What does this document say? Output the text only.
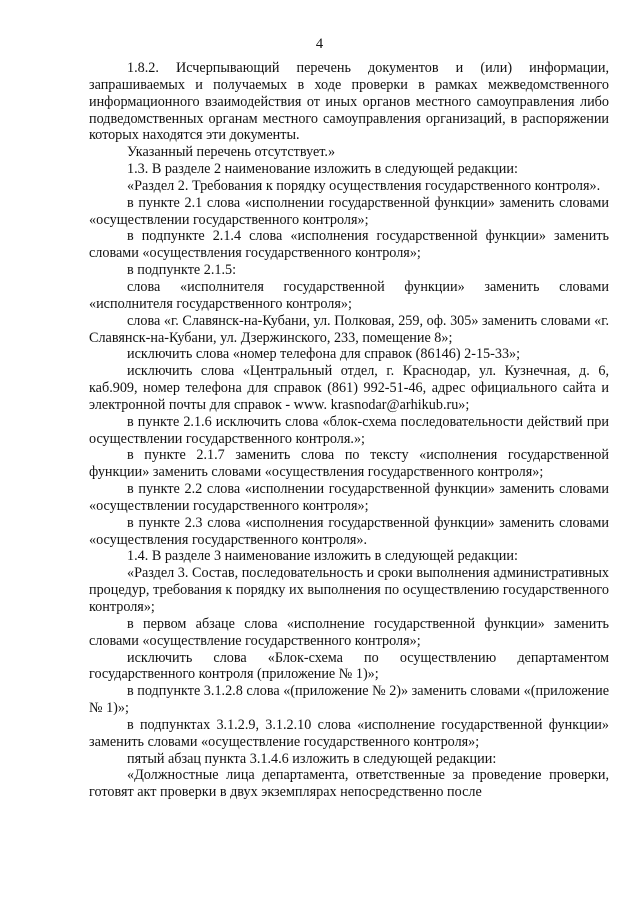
4

1.8.2. Исчерпывающий перечень документов и (или) информации, запрашиваемых и получаемых в ходе проверки в рамках межведомственного информационного взаимодействия от иных органов местного самоуправления либо подведомственных органам местного самоуправления организаций, в распоряжении которых находятся эти документы.

Указанный перечень отсутствует.»

1.3. В разделе 2 наименование изложить в следующей редакции:

«Раздел 2. Требования к порядку осуществления государственного контроля».

в пункте 2.1 слова «исполнении государственной функции» заменить словами «осуществлении государственного контроля»;

в подпункте 2.1.4 слова «исполнения государственной функции» заменить словами «осуществления государственного контроля»;

в подпункте 2.1.5:

слова «исполнителя государственной функции» заменить словами «исполнителя государственного контроля»;

слова «г. Славянск-на-Кубани, ул. Полковая, 259, оф. 305» заменить словами «г. Славянск-на-Кубани, ул. Дзержинского, 233, помещение 8»;

исключить слова «номер телефона для справок (86146) 2-15-33»;

исключить слова «Центральный отдел, г. Краснодар, ул. Кузнечная, д. 6, каб.909, номер телефона для справок (861) 992-51-46, адрес официального сайта и электронной почты для справок - www. krasnodar@arhikub.ru»;

в пункте 2.1.6 исключить слова «блок-схема последовательности действий при осуществлении государственного контроля.»;

в пункте 2.1.7 заменить слова по тексту «исполнения государственной функции» заменить словами «осуществления государственного контроля»;

в пункте 2.2 слова «исполнении государственной функции» заменить словами «осуществлении государственного контроля»;

в пункте 2.3 слова «исполнения государственной функции» заменить словами «осуществления государственного контроля».

1.4. В разделе 3 наименование изложить в следующей редакции:

«Раздел 3. Состав, последовательность и сроки выполнения административных процедур, требования к порядку их выполнения по осуществлению государственного контроля»;

в первом абзаце слова «исполнение государственной функции» заменить словами «осуществление государственного контроля»;

исключить слова «Блок-схема по осуществлению департаментом государственного контроля (приложение № 1)»;

в подпункте 3.1.2.8 слова «(приложение № 2)» заменить словами «(приложение № 1)»;

в подпунктах 3.1.2.9, 3.1.2.10 слова «исполнение государственной функции» заменить словами «осуществление государственного контроля»;

пятый абзац пункта 3.1.4.6 изложить в следующей редакции:

«Должностные лица департамента, ответственные за проведение проверки, готовят акт проверки в двух экземплярах непосредственно после
